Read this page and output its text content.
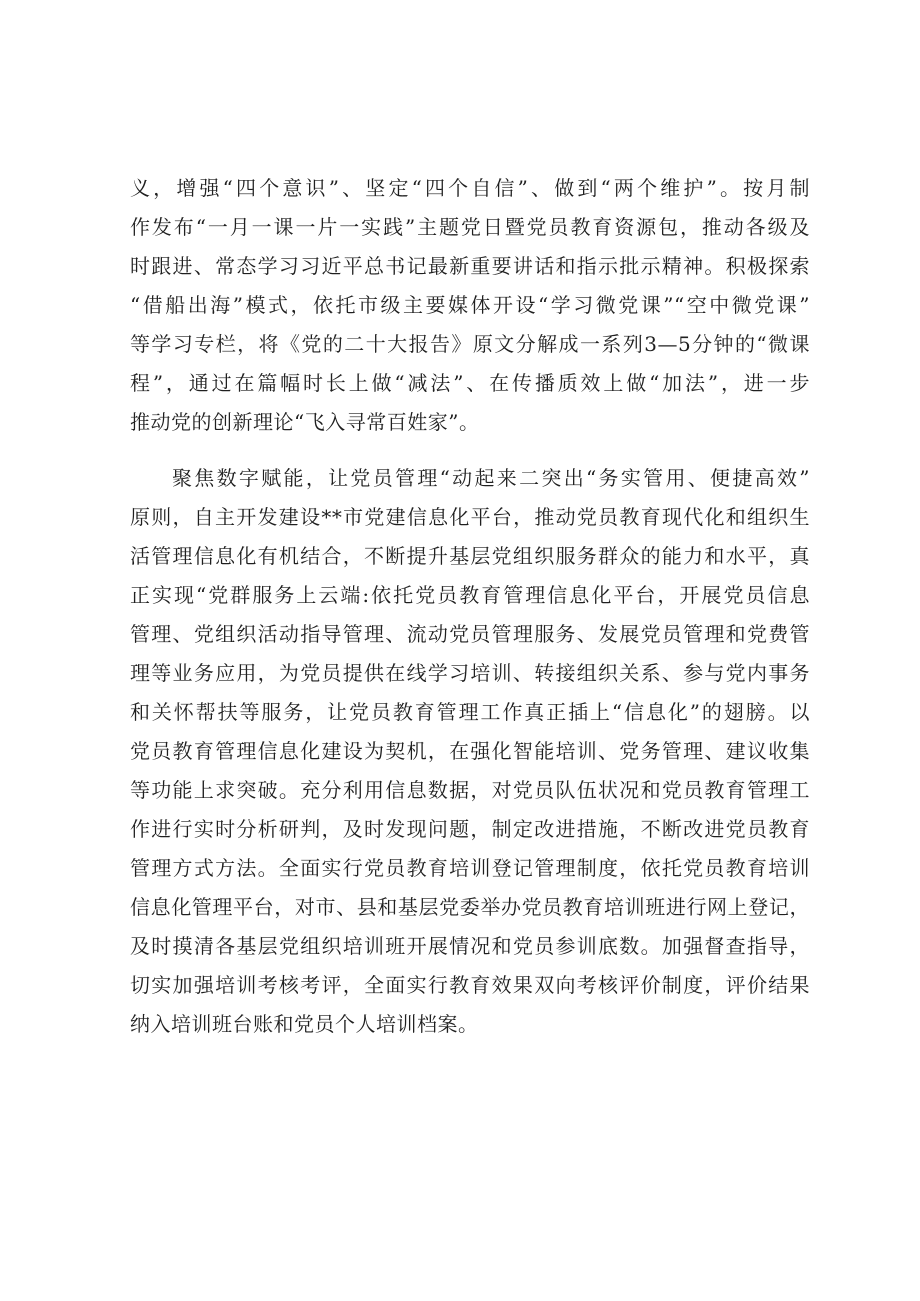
义，增强“四个意识”、坚定“四个自信”、做到“两个维护”。按月制
作发布“一月一课一片一实践”主题党日暨党员教育资源包，推动各级及
时跟进、常态学习习近平总书记最新重要讲话和指示批示精神。积极探索
“借船出海”模式，依托市级主要媒体开设“学习微党课”“空中微党课”
等学习专栏，将《党的二十大报告》原文分解成一系列3—5分钟的“微课
程”，通过在篇幅时长上做“减法”、在传播质效上做“加法”，进一步
推动党的创新理论“飞入寻常百姓家”。
聚焦数字赋能，让党员管理“动起来二突出“务实管用、便捷高效”
原则，自主开发建设**市党建信息化平台，推动党员教育现代化和组织生
活管理信息化有机结合，不断提升基层党组织服务群众的能力和水平，真
正实现“党群服务上云端:依托党员教育管理信息化平台，开展党员信息
管理、党组织活动指导管理、流动党员管理服务、发展党员管理和党费管
理等业务应用，为党员提供在线学习培训、转接组织关系、参与党内事务
和关怀帮扶等服务，让党员教育管理工作真正插上“信息化”的翅膀。以
党员教育管理信息化建设为契机，在强化智能培训、党务管理、建议收集
等功能上求突破。充分利用信息数据，对党员队伍状况和党员教育管理工
作进行实时分析研判，及时发现问题，制定改进措施，不断改进党员教育
管理方式方法。全面实行党员教育培训登记管理制度，依托党员教育培训
信息化管理平台，对市、县和基层党委举办党员教育培训班进行网上登记，
及时摸清各基层党组织培训班开展情况和党员参训底数。加强督查指导，
切实加强培训考核考评，全面实行教育效果双向考核评价制度，评价结果
纳入培训班台账和党员个人培训档案。
